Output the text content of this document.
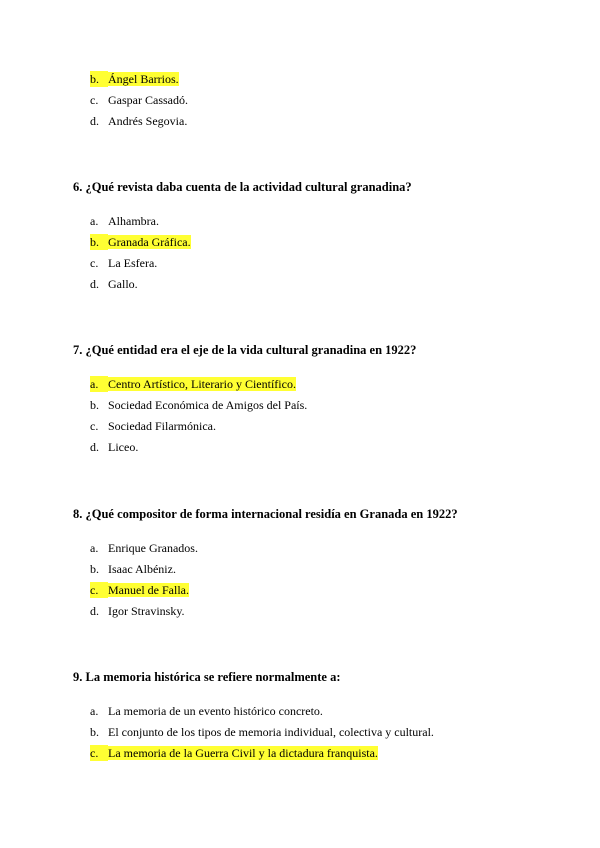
b. Ángel Barrios.
c. Gaspar Cassadó.
d. Andrés Segovia.

6. ¿Qué revista daba cuenta de la actividad cultural granadina?

a. Alhambra.
b. Granada Gráfica.
c. La Esfera.
d. Gallo.

7. ¿Qué entidad era el eje de la vida cultural granadina en 1922?

a. Centro Artístico, Literario y Científico.
b. Sociedad Económica de Amigos del País.
c. Sociedad Filarmónica.
d. Liceo.

8. ¿Qué compositor de forma internacional residía en Granada en 1922?

a. Enrique Granados.
b. Isaac Albéniz.
c. Manuel de Falla.
d. Igor Stravinsky.

9. La memoria histórica se refiere normalmente a:

a. La memoria de un evento histórico concreto.
b. El conjunto de los tipos de memoria individual, colectiva y cultural.
c. La memoria de la Guerra Civil y la dictadura franquista.
